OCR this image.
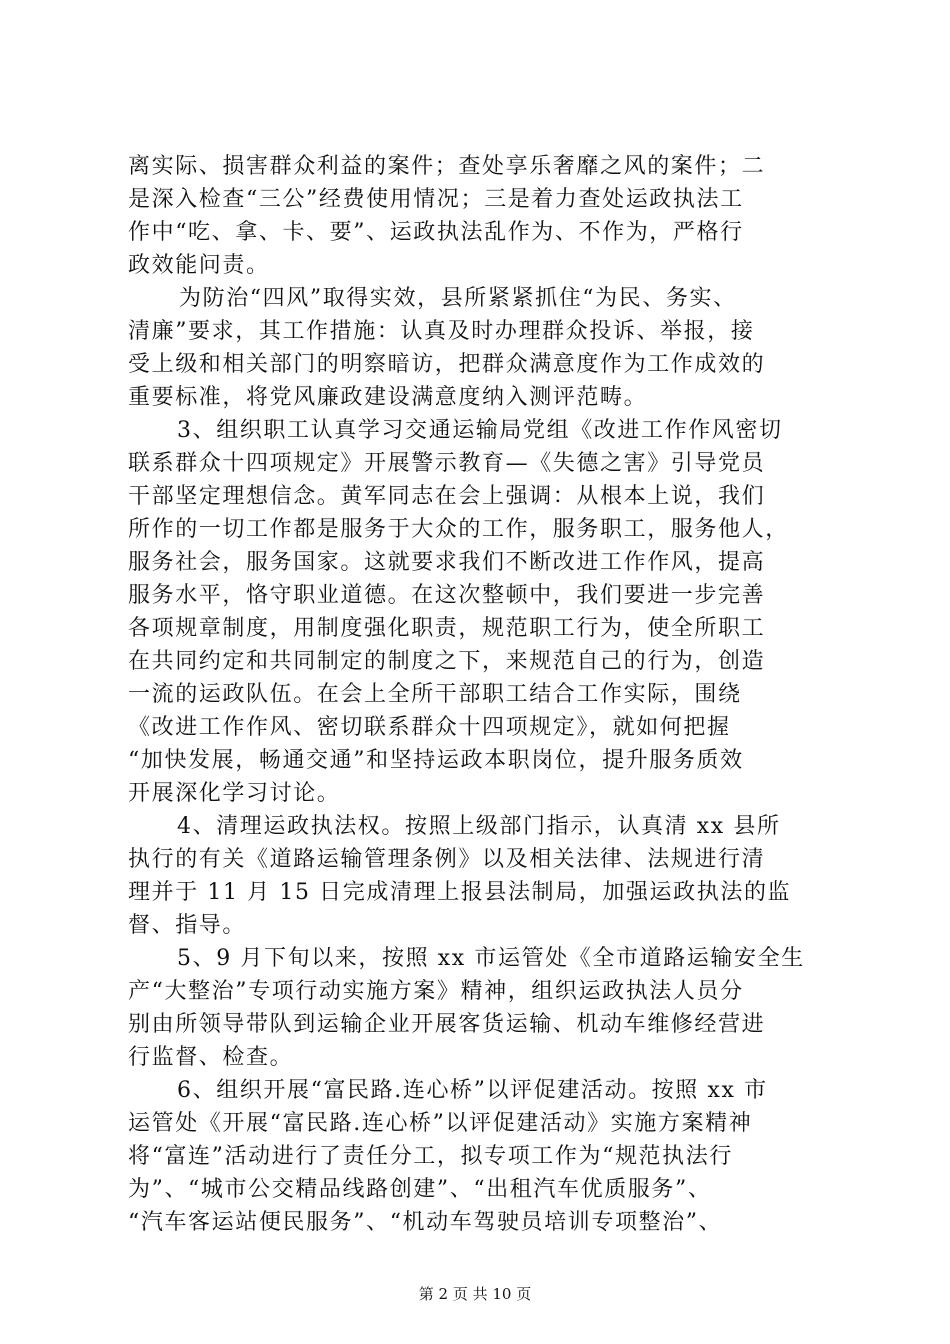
离实际、损害群众利益的案件；查处享乐奢靡之风的案件；二
是深入检查“三公”经费使用情况；三是着力查处运政执法工
作中“吃、拿、卡、要”、运政执法乱作为、不作为，严格行
政效能问责。
为防治“四风”取得实效，县所紧紧抓住“为民、务实、
清廉”要求，其工作措施：认真及时办理群众投诉、举报，接
受上级和相关部门的明察暗访，把群众满意度作为工作成效的
重要标准，将党风廉政建设满意度纳入测评范畴。
3、组织职工认真学习交通运输局党组《改进工作作风密切
联系群众十四项规定》开展警示教育—《失德之害》引导党员
干部坚定理想信念。黄军同志在会上强调：从根本上说，我们
所作的一切工作都是服务于大众的工作，服务职工，服务他人，
服务社会，服务国家。这就要求我们不断改进工作作风，提高
服务水平，恪守职业道德。在这次整顿中，我们要进一步完善
各项规章制度，用制度强化职责，规范职工行为，使全所职工
在共同约定和共同制定的制度之下，来规范自己的行为，创造
一流的运政队伍。在会上全所干部职工结合工作实际，围绕
《改进工作作风、密切联系群众十四项规定》，就如何把握
“加快发展，畅通交通”和坚持运政本职岗位，提升服务质效
开展深化学习讨论。
4、清理运政执法权。按照上级部门指示，认真清 xx 县所
执行的有关《道路运输管理条例》以及相关法律、法规进行清
理并于 11 月 15 日完成清理上报县法制局，加强运政执法的监
督、指导。
5、9 月下旬以来，按照 xx 市运管处《全市道路运输安全生
产“大整治”专项行动实施方案》精神，组织运政执法人员分
别由所领导带队到运输企业开展客货运输、机动车维修经营进
行监督、检查。
6、组织开展“富民路.连心桥”以评促建活动。按照 xx 市
运管处《开展“富民路.连心桥”以评促建活动》实施方案精神
将“富连”活动进行了责任分工，拟专项工作为“规范执法行
为”、“城市公交精品线路创建”、“出租汽车优质服务”、
“汽车客运站便民服务”、“机动车驾驶员培训专项整治”、
第 2 页 共 10 页
